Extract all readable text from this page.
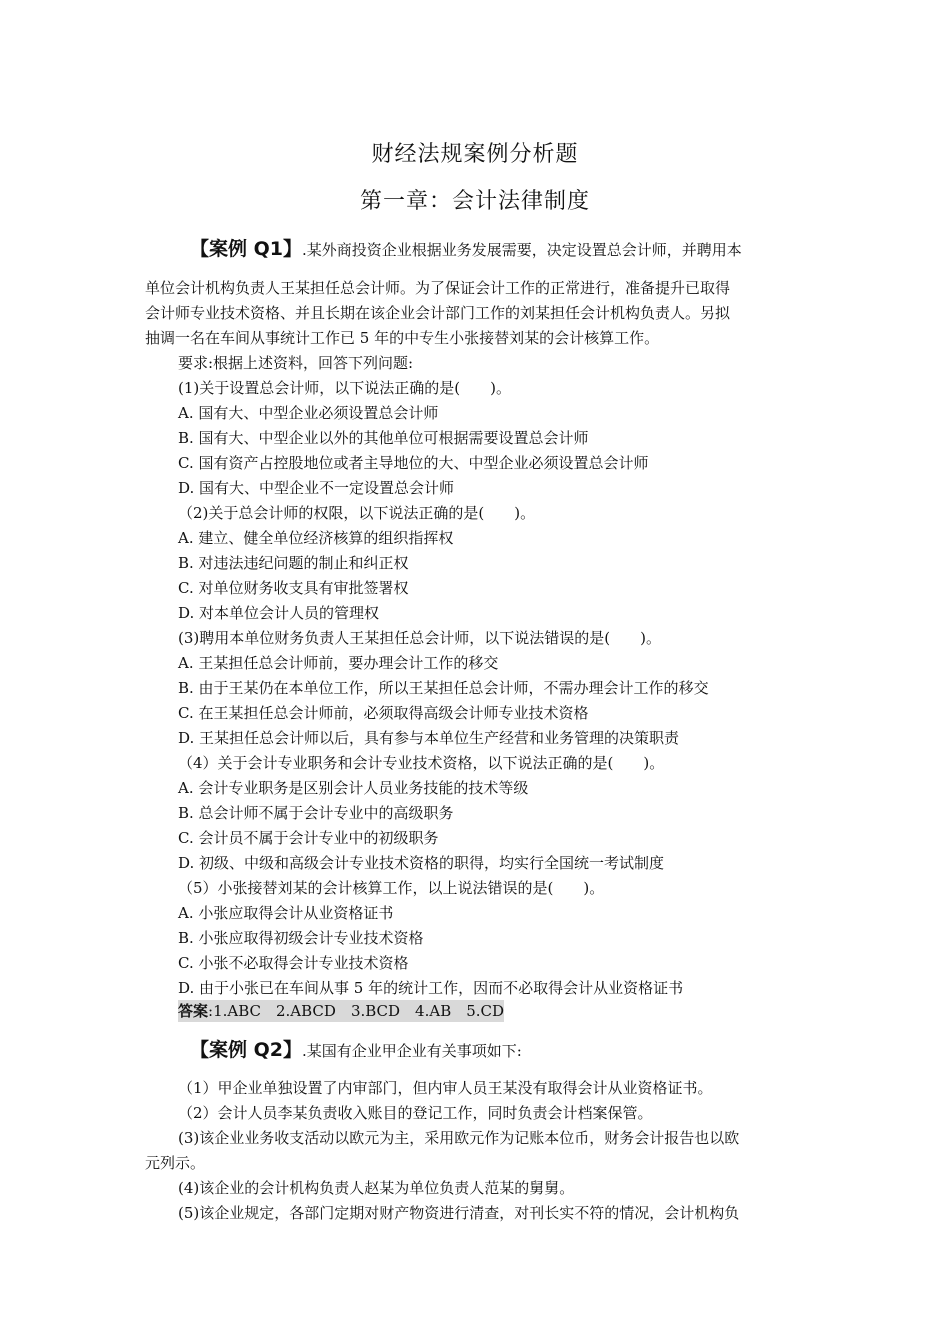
财经法规案例分析题
第一章：会计法律制度
【案例 Q1】.某外商投资企业根据业务发展需要，决定设置总会计师，并聘用本
单位会计机构负责人王某担任总会计师。为了保证会计工作的正常进行，准备提升已取得
会计师专业技术资格、并且长期在该企业会计部门工作的刘某担任会计机构负责人。另拟
抽调一名在车间从事统计工作已 5 年的中专生小张接替刘某的会计核算工作。
要求:根据上述资料，回答下列问题:
(1)关于设置总会计师，以下说法正确的是(　　)。
A. 国有大、中型企业必须设置总会计师
B. 国有大、中型企业以外的其他单位可根据需要设置总会计师
C. 国有资产占控股地位或者主导地位的大、中型企业必须设置总会计师
D. 国有大、中型企业不一定设置总会计师
（2)关于总会计师的权限，以下说法正确的是(　　)。
A. 建立、健全单位经济核算的组织指挥权
B. 对违法违纪问题的制止和纠正权
C. 对单位财务收支具有审批签署权
D. 对本单位会计人员的管理权
(3)聘用本单位财务负责人王某担任总会计师，以下说法错误的是(　　)。
A. 王某担任总会计师前，要办理会计工作的移交
B. 由于王某仍在本单位工作，所以王某担任总会计师，不需办理会计工作的移交
C. 在王某担任总会计师前，必须取得高级会计师专业技术资格
D. 王某担任总会计师以后，具有参与本单位生产经营和业务管理的决策职责
（4）关于会计专业职务和会计专业技术资格，以下说法正确的是(　　)。
A. 会计专业职务是区别会计人员业务技能的技术等级
B. 总会计师不属于会计专业中的高级职务
C. 会计员不属于会计专业中的初级职务
D. 初级、中级和高级会计专业技术资格的职得，均实行全国统一考试制度
（5）小张接替刘某的会计核算工作，以上说法错误的是(　　)。
A. 小张应取得会计从业资格证书
B. 小张应取得初级会计专业技术资格
C. 小张不必取得会计专业技术资格
D. 由于小张已在车间从事 5 年的统计工作，因而不必取得会计从业资格证书
答案:1.ABC　2.ABCD　3.BCD　4.AB　5.CD
【案例 Q2】.某国有企业甲企业有关事项如下:
（1）甲企业单独设置了内审部门，但内审人员王某没有取得会计从业资格证书。
（2）会计人员李某负责收入账目的登记工作，同时负责会计档案保管。
(3)该企业业务收支活动以欧元为主，采用欧元作为记账本位币，财务会计报告也以欧
元列示。
(4)该企业的会计机构负责人赵某为单位负责人范某的舅舅。
(5)该企业规定，各部门定期对财产物资进行清查，对刊长实不符的情况，会计机构负
